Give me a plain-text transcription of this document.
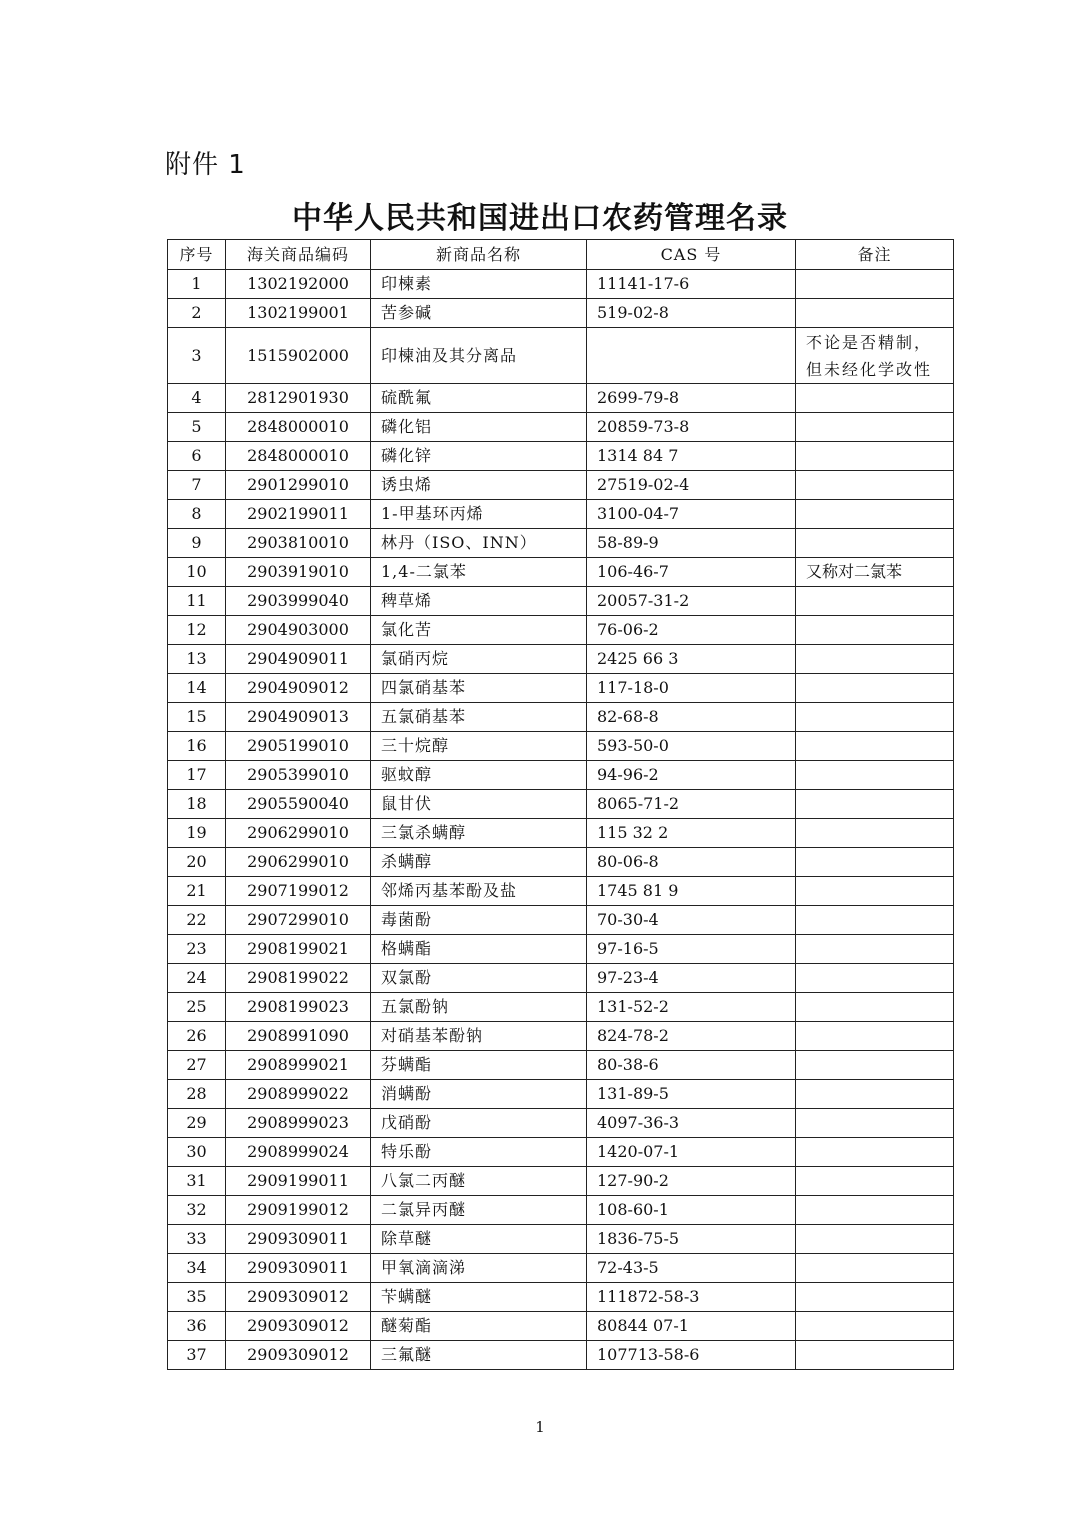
附件 1
中华人民共和国进出口农药管理名录
序号	海关商品编码	新商品名称	CAS 号	备注
1	1302192000	印楝素	11141-17-6	
2	1302199001	苦参碱	519-02-8	
3	1515902000	印楝油及其分离品		不论是否精制，但未经化学改性
4	2812901930	硫酰氟	2699-79-8	
5	2848000010	磷化铝	20859-73-8	
6	2848000010	磷化锌	1314 84 7	
7	2901299010	诱虫烯	27519-02-4	
8	2902199011	1-甲基环丙烯	3100-04-7	
9	2903810010	林丹（ISO、INN）	58-89-9	
10	2903919010	1,4-二氯苯	106-46-7	又称对二氯苯
11	2903999040	稗草烯	20057-31-2	
12	2904903000	氯化苦	76-06-2	
13	2904909011	氯硝丙烷	2425 66 3	
14	2904909012	四氯硝基苯	117-18-0	
15	2904909013	五氯硝基苯	82-68-8	
16	2905199010	三十烷醇	593-50-0	
17	2905399010	驱蚊醇	94-96-2	
18	2905590040	鼠甘伏	8065-71-2	
19	2906299010	三氯杀螨醇	115 32 2	
20	2906299010	杀螨醇	80-06-8	
21	2907199012	邻烯丙基苯酚及盐	1745 81 9	
22	2907299010	毒菌酚	70-30-4	
23	2908199021	格螨酯	97-16-5	
24	2908199022	双氯酚	97-23-4	
25	2908199023	五氯酚钠	131-52-2	
26	2908991090	对硝基苯酚钠	824-78-2	
27	2908999021	芬螨酯	80-38-6	
28	2908999022	消螨酚	131-89-5	
29	2908999023	戊硝酚	4097-36-3	
30	2908999024	特乐酚	1420-07-1	
31	2909199011	八氯二丙醚	127-90-2	
32	2909199012	二氯异丙醚	108-60-1	
33	2909309011	除草醚	1836-75-5	
34	2909309011	甲氧滴滴涕	72-43-5	
35	2909309012	苄螨醚	111872-58-3	
36	2909309012	醚菊酯	80844 07-1	
37	2909309012	三氟醚	107713-58-6	
1
